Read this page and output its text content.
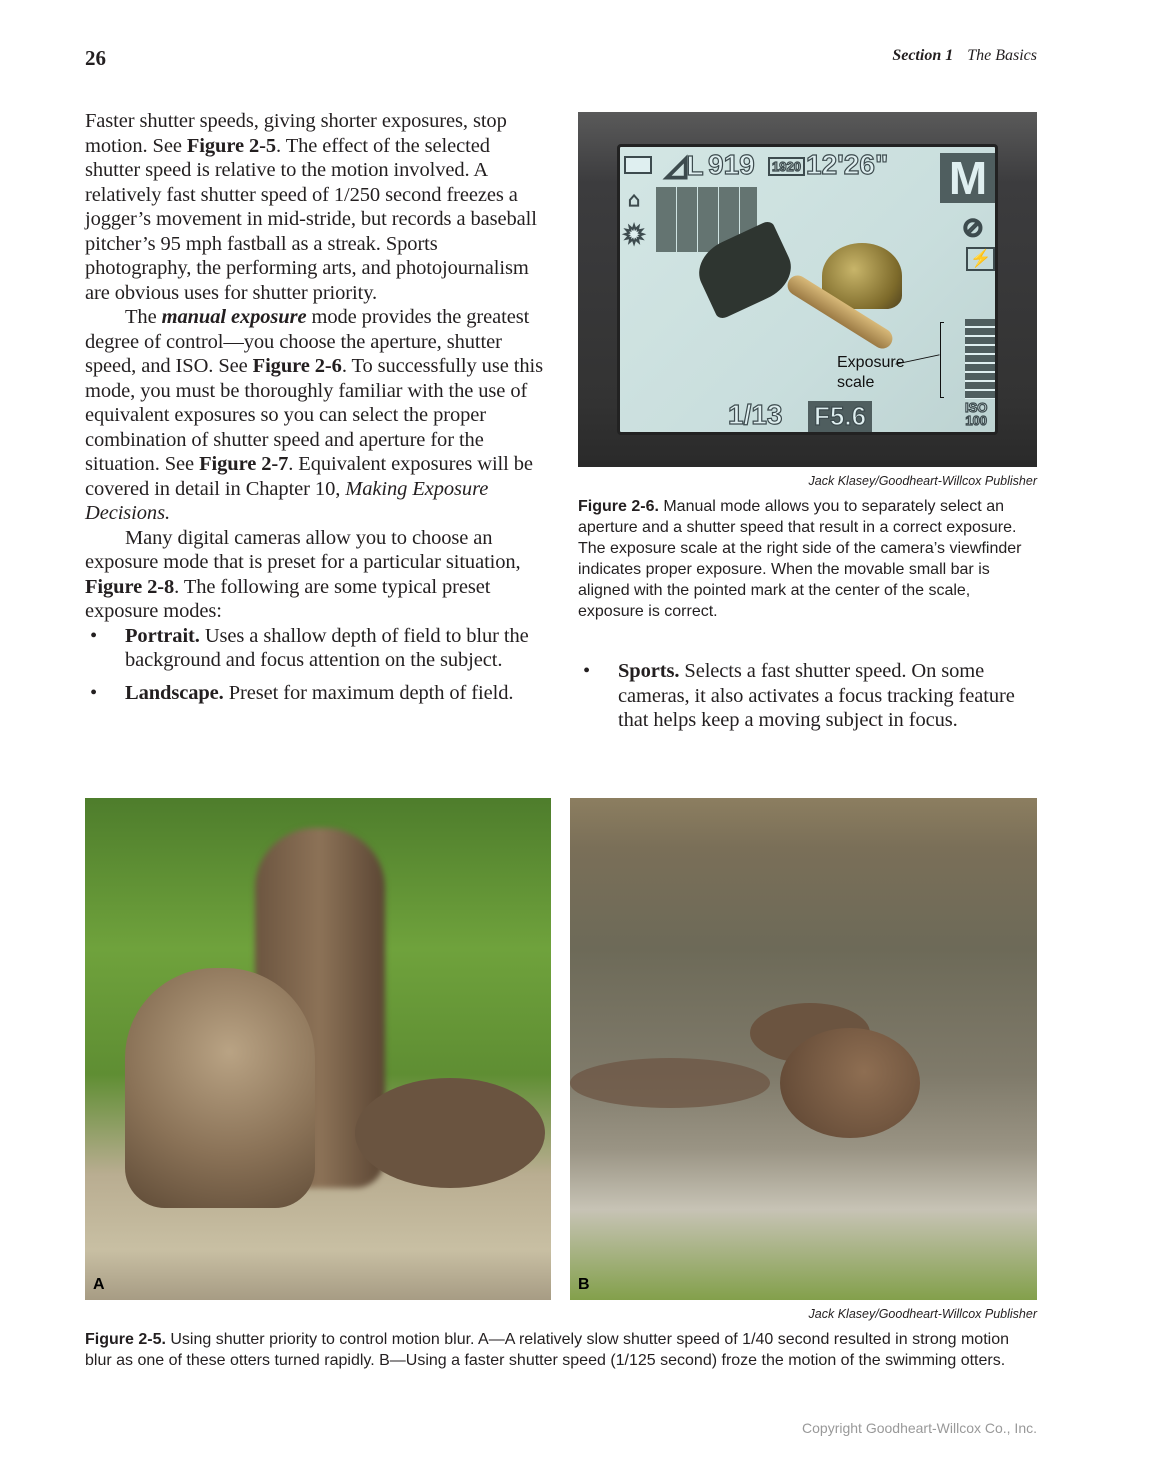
26	Section 1 The Basics

Faster shutter speeds, giving shorter exposures, stop motion. See Figure 2-5. The effect of the selected shutter speed is relative to the motion involved. A relatively fast shutter speed of 1/250 second freezes a jogger’s movement in mid-stride, but records a baseball pitcher’s 95 mph fastball as a streak. Sports photography, the performing arts, and photojournalism are obvious uses for shutter priority.

The manual exposure mode provides the greatest degree of control—you choose the aperture, shutter speed, and ISO. See Figure 2-6. To successfully use this mode, you must be thoroughly familiar with the use of equivalent exposures so you can select the proper combination of shutter speed and aperture for the situation. See Figure 2-7. Equivalent exposures will be covered in detail in Chapter 10, Making Exposure Decisions.

Many digital cameras allow you to choose an exposure mode that is preset for a particular situation, Figure 2-8. The following are some typical preset exposure modes:

• Portrait. Uses a shallow depth of field to blur the background and focus attention on the subject.
• Landscape. Preset for maximum depth of field.
◿L 919	1920 12'26" M
⌂
✹	⊘
⚡
Exposure scale
1/13 F5.6	ISO
100
Jack Klasey/Goodheart-Willcox Publisher
Figure 2-6. Manual mode allows you to separately select an aperture and a shutter speed that result in a correct exposure. The exposure scale at the right side of the camera’s viewfinder indicates proper exposure. When the movable small bar is aligned with the pointed mark at the center of the scale, exposure is correct.
• Sports. Selects a fast shutter speed. On some cameras, it also activates a focus tracking feature that helps keep a moving subject in focus.
A	B
Jack Klasey/Goodheart-Willcox Publisher
Figure 2-5. Using shutter priority to control motion blur. A—A relatively slow shutter speed of 1/40 second resulted in strong motion blur as one of these otters turned rapidly. B—Using a faster shutter speed (1/125 second) froze the motion of the swimming otters.
Copyright Goodheart-Willcox Co., Inc.
